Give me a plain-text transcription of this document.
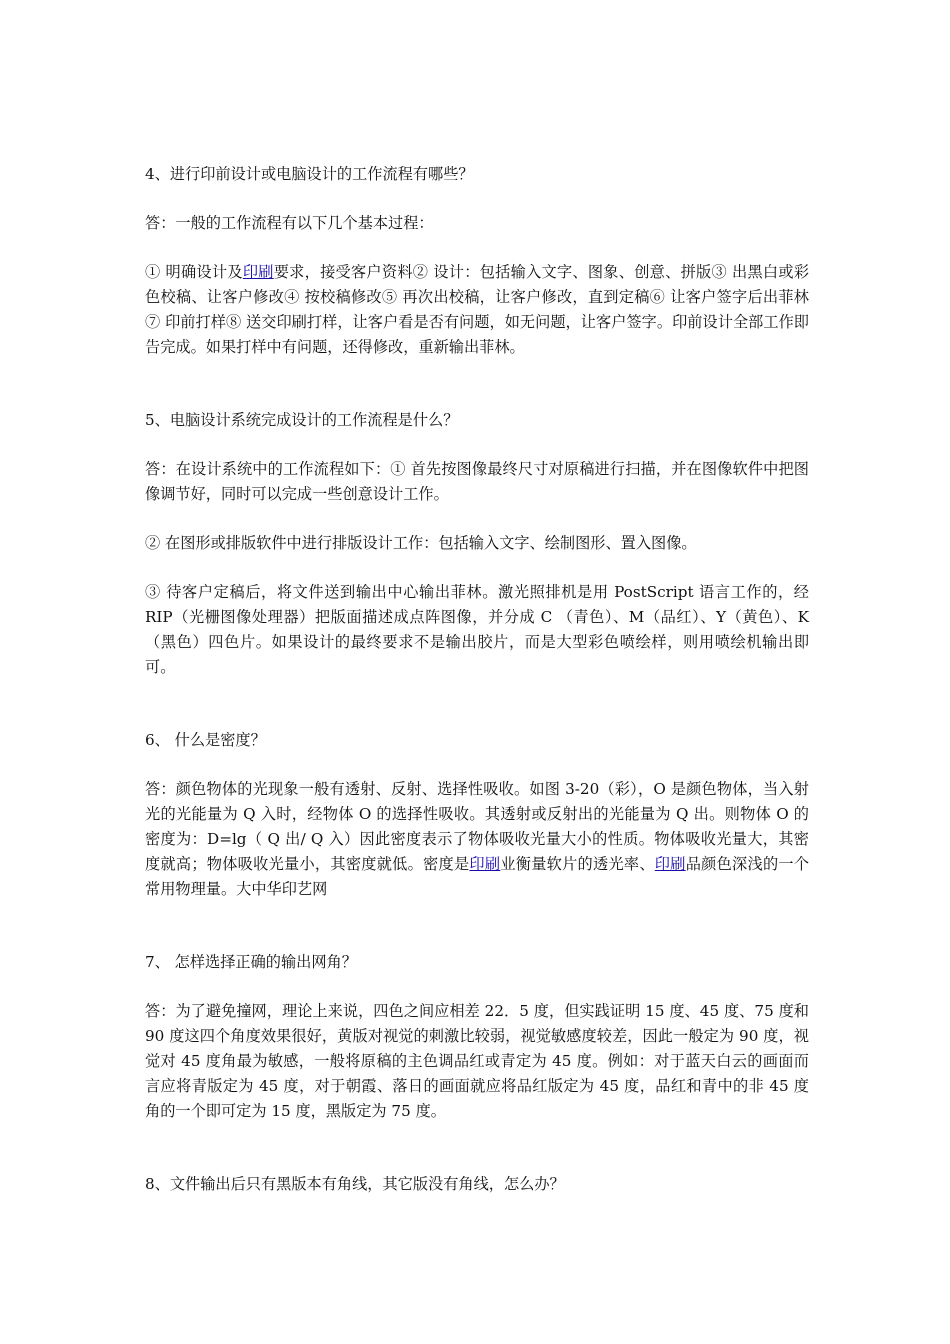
4、进行印前设计或电脑设计的工作流程有哪些？

答：一般的工作流程有以下几个基本过程：

① 明确设计及印刷要求，接受客户资料② 设计：包括输入文字、图象、创意、拼版③ 出黑白或彩色校稿、让客户修改④ 按校稿修改⑤ 再次出校稿，让客户修改，直到定稿⑥ 让客户签字后出菲林⑦ 印前打样⑧ 送交印刷打样，让客户看是否有问题，如无问题，让客户签字。印前设计全部工作即告完成。如果打样中有问题，还得修改，重新输出菲林。

5、电脑设计系统完成设计的工作流程是什么？

答：在设计系统中的工作流程如下：① 首先按图像最终尺寸对原稿进行扫描，并在图像软件中把图像调节好，同时可以完成一些创意设计工作。

② 在图形或排版软件中进行排版设计工作：包括输入文字、绘制图形、置入图像。

③ 待客户定稿后，将文件送到输出中心输出菲林。激光照排机是用 PostScript 语言工作的，经 RIP（光栅图像处理器）把版面描述成点阵图像，并分成 C （青色）、M（品红）、Y（黄色）、K（黑色）四色片。如果设计的最终要求不是输出胶片，而是大型彩色喷绘样，则用喷绘机输出即可。

6、 什么是密度？

答：颜色物体的光现象一般有透射、反射、选择性吸收。如图 3-20（彩），O 是颜色物体，当入射光的光能量为 Q 入时，经物体 O 的选择性吸收。其透射或反射出的光能量为 Q 出。则物体 O 的密度为：D=lg（ Q 出/ Q 入）因此密度表示了物体吸收光量大小的性质。物体吸收光量大，其密度就高；物体吸收光量小，其密度就低。密度是印刷业衡量软片的透光率、印刷品颜色深浅的一个常用物理量。大中华印艺网

7、 怎样选择正确的输出网角？

答：为了避免撞网，理论上来说，四色之间应相差 22．5 度，但实践证明 15 度、45 度、75 度和 90 度这四个角度效果很好，黄版对视觉的刺激比较弱，视觉敏感度较差，因此一般定为 90 度，视觉对 45 度角最为敏感，一般将原稿的主色调品红或青定为 45 度。例如：对于蓝天白云的画面而言应将青版定为 45 度，对于朝霞、落日的画面就应将品红版定为 45 度，品红和青中的非 45 度角的一个即可定为 15 度，黑版定为 75 度。

8、文件输出后只有黑版本有角线，其它版没有角线，怎么办？
